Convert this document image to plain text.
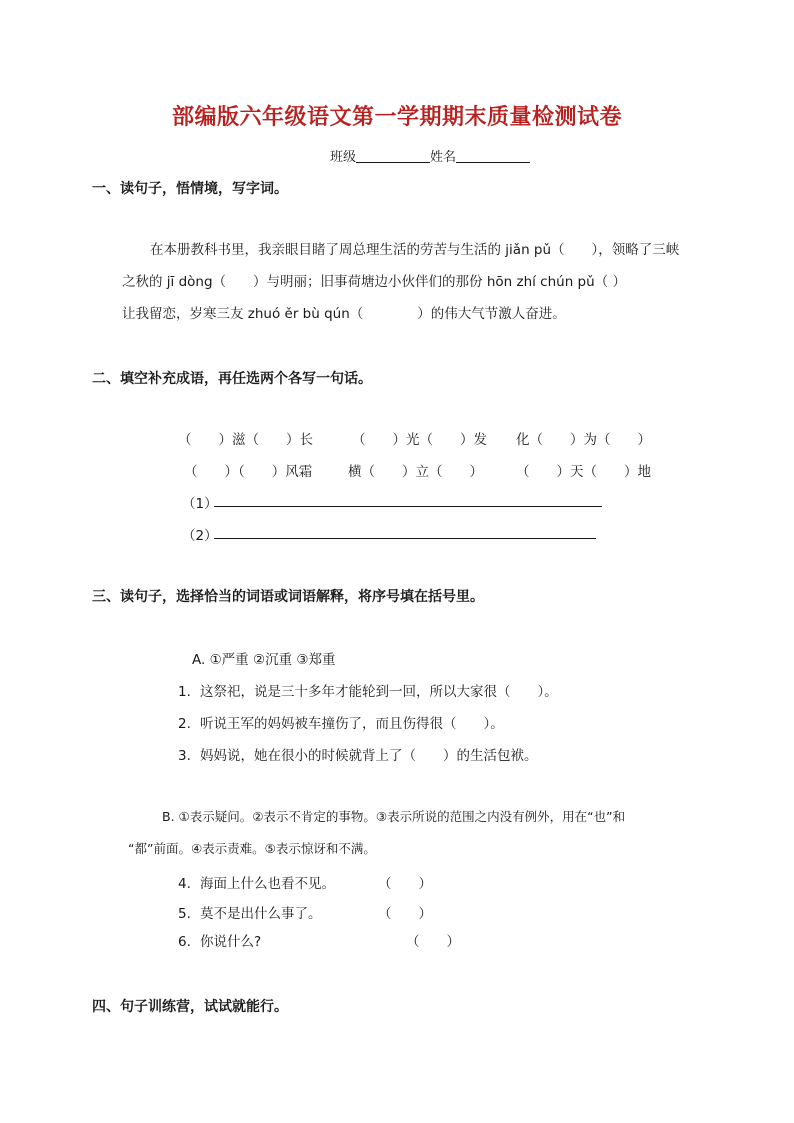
部编版六年级语文第一学期期末质量检测试卷
班级	姓名
一、读句子，悟情境，写字词。
在本册教科书里，我亲眼目睹了周总理生活的劳苦与生活的 jiǎn pǔ（　　），领略了三峡
之秋的 jī dòng（　　）与明丽；旧事荷塘边小伙伴们的那份 hōn zhí chún pǔ（ ）
让我留恋，岁寒三友 zhuó ěr bù qún（　　　　）的伟大气节激人奋进。
二、填空补充成语，再任选两个各写一句话。
（　　）滋（　　）长	（　　）光（　　）发 化（　　）为（　　）
（　　）（　　）风霜	横（　　）立（　　） （　　）天（　　）地
（1）
（2）
三、读句子，选择恰当的词语或词语解释，将序号填在括号里。
A. ①严重 ②沉重 ③郑重
1. 这祭祀，说是三十多年才能轮到一回，所以大家很（　　）。
2. 听说王军的妈妈被车撞伤了，而且伤得很（　　）。
3. 妈妈说，她在很小的时候就背上了（　　）的生活包袱。
B. ①表示疑问。②表示不肯定的事物。③表示所说的范围之内没有例外，用在“也”和
“都”前面。④表示责难。⑤表示惊讶和不满。
4. 海面上什么也看不见。	（　　）
5. 莫不是出什么事了。	（　　）
6．你说什么?	（　　）
四、句子训练营，试试就能行。
